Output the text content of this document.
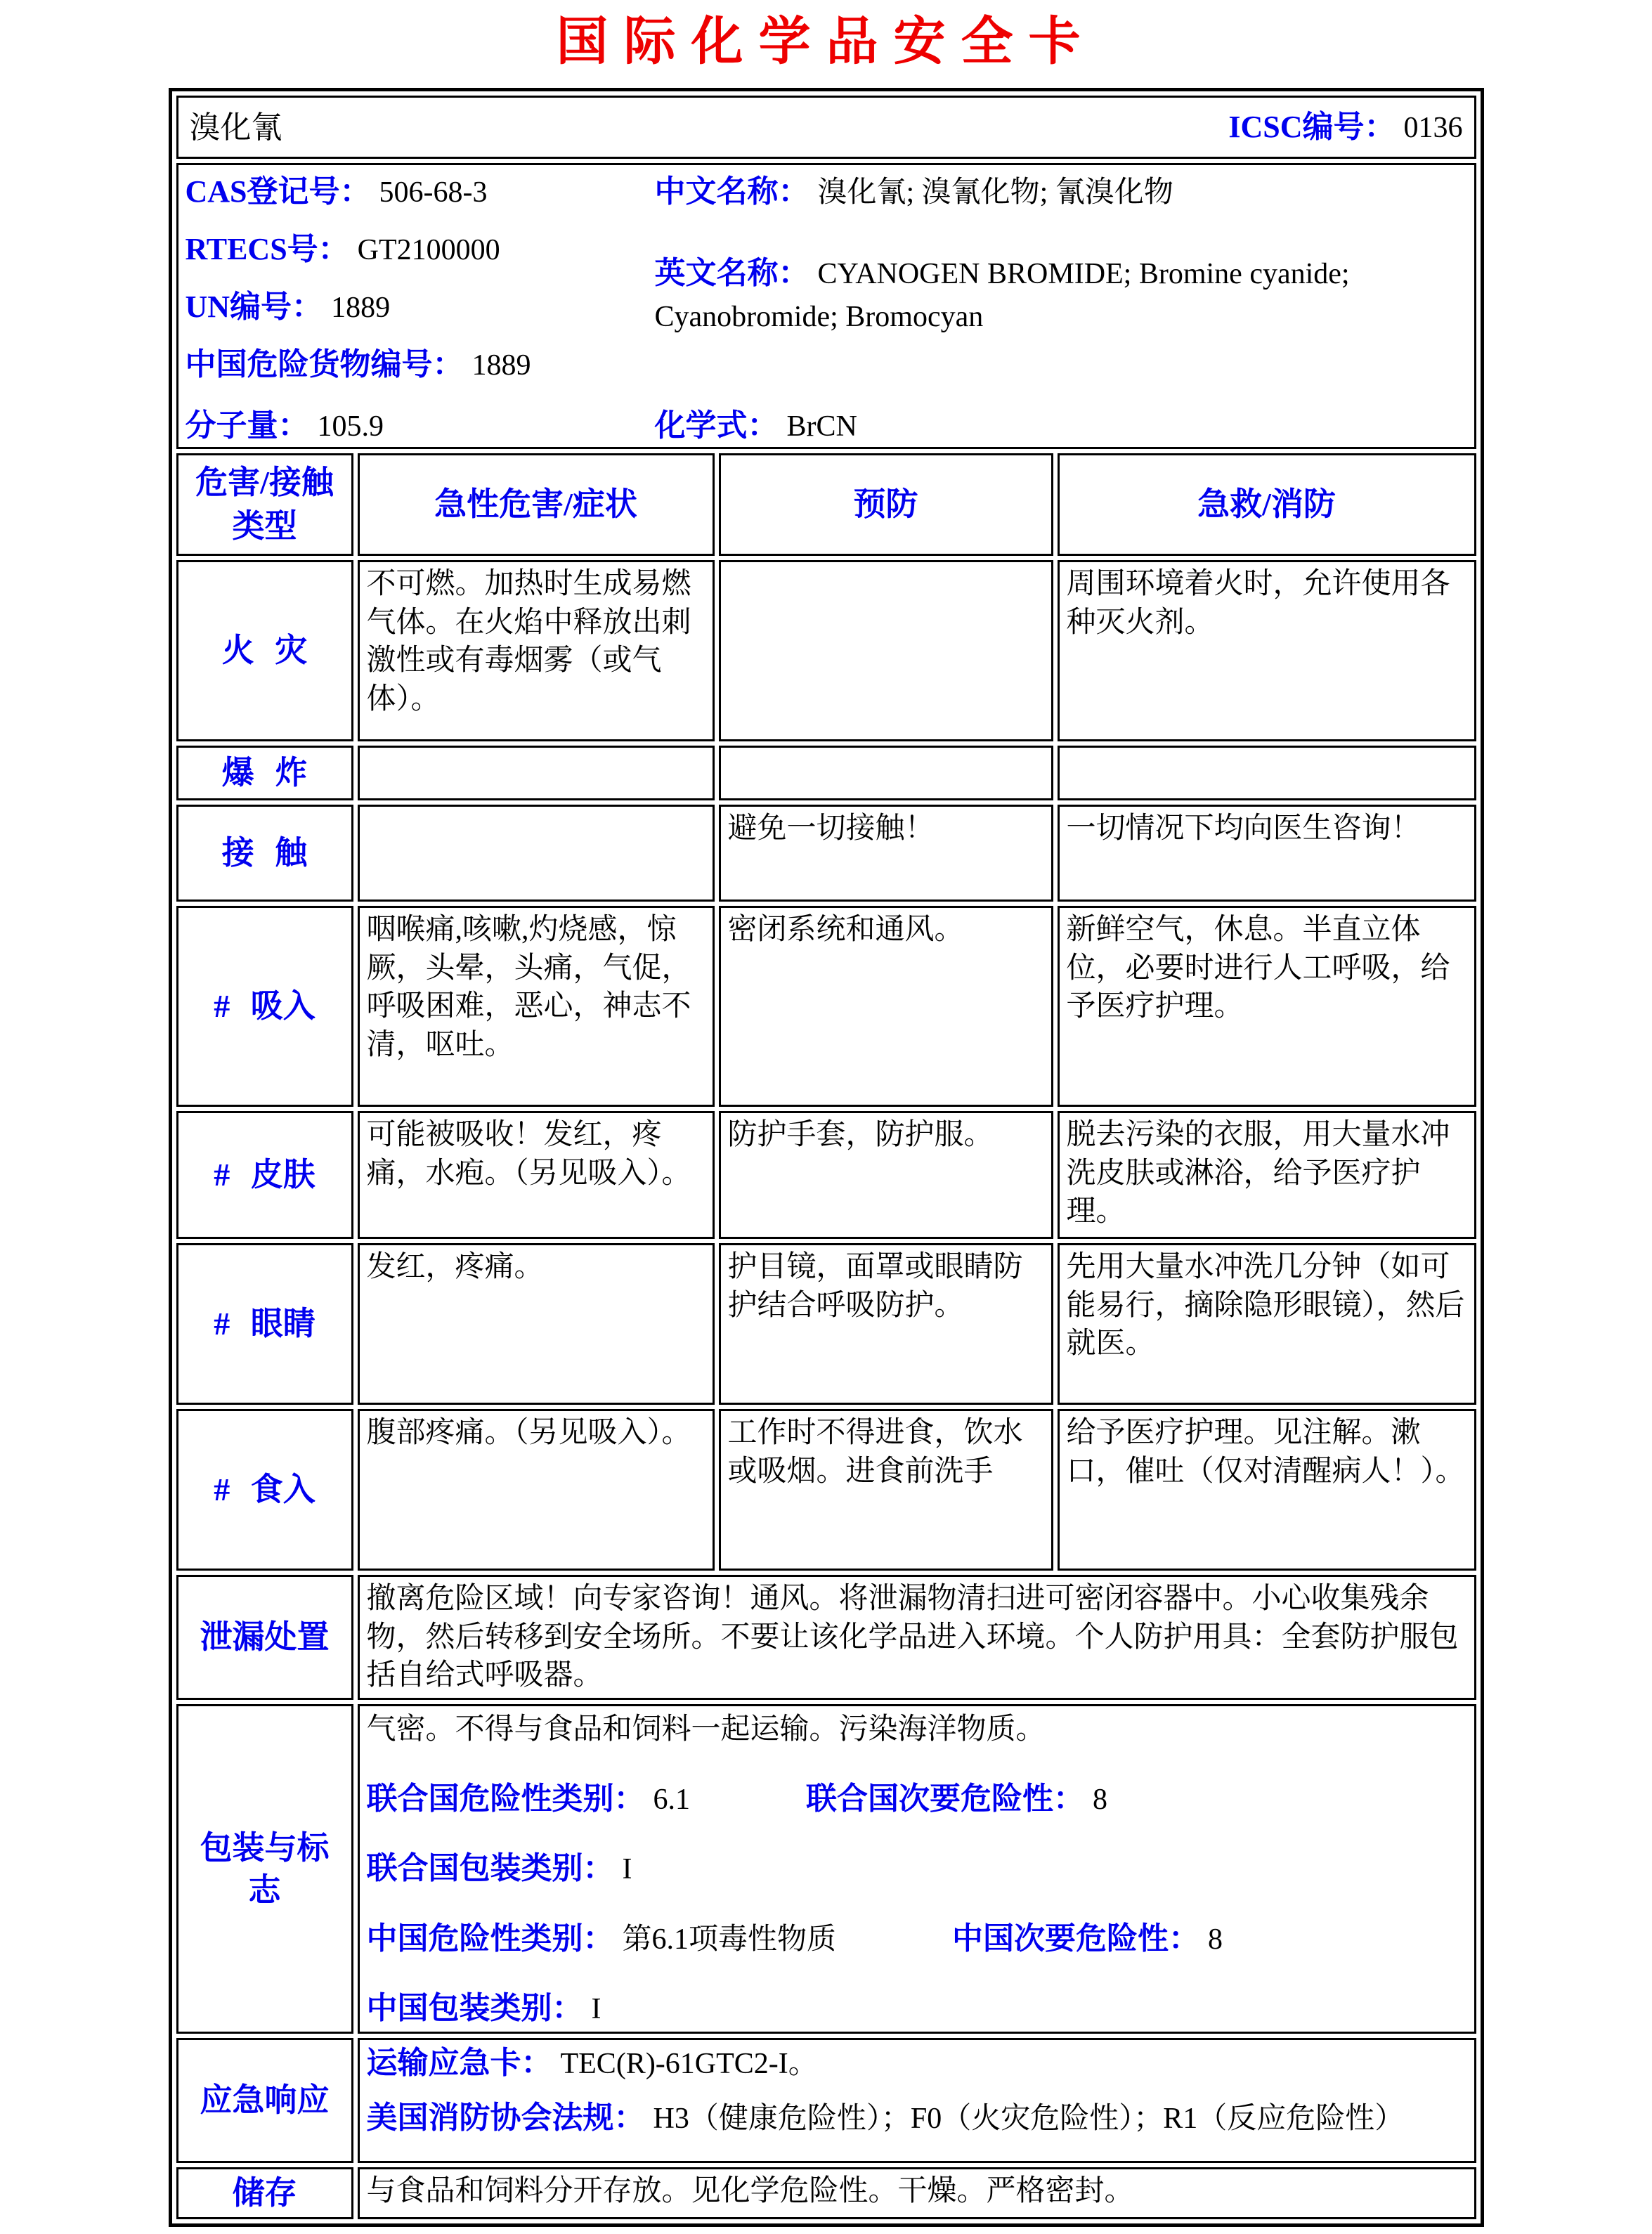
国际化学品安全卡
溴化氰 ICSC编号： 0136			

CAS登记号： 506-68-3
RTECS号： GT2100000
UN编号： 1889
中国危险货物编号： 1889
中文名称： 溴化氰; 溴氰化物; 氰溴化物
英文名称： CYANOGEN BROMIDE; Bromine cyanide; Cyanobromide; Bromocyan
分子量： 105.9	化学式： BrCN

危害/接触
类型	急性危害/症状	预防	急救/消防
火 灾	不可燃。加热时生成易燃气体。在火焰中释放出刺激性或有毒烟雾（或气体）。		周围环境着火时，允许使用各种灭火剂。
爆 炸			
接 触		避免一切接触！	一切情况下均向医生咨询！
# 吸入	咽喉痛,咳嗽,灼烧感，惊厥，头晕，头痛，气促，呼吸困难，恶心，神志不清，呕吐。	密闭系统和通风。	新鲜空气，休息。半直立体位，必要时进行人工呼吸，给予医疗护理。
# 皮肤	可能被吸收！发红，疼痛，水疱。（另见吸入）。	防护手套，防护服。	脱去污染的衣服，用大量水冲洗皮肤或淋浴，给予医疗护理。
# 眼睛	发红，疼痛。	护目镜，面罩或眼睛防护结合呼吸防护。	先用大量水冲洗几分钟（如可能易行，摘除隐形眼镜），然后就医。
# 食入	腹部疼痛。（另见吸入）。	工作时不得进食，饮水或吸烟。进食前洗手	给予医疗护理。见注解。漱口，催吐（仅对清醒病人！）。
泄漏处置	撤离危险区域！向专家咨询！通风。将泄漏物清扫进可密闭容器中。小心收集残余物，然后转移到安全场所。不要让该化学品进入环境。个人防护用具：全套防护服包括自给式呼吸器。		
包装与标志	气密。不得与食品和饲料一起运输。污染海洋物质。
联合国危险性类别： 6.1 联合国次要危险性： 8
联合国包装类别： I
中国危险性类别： 第6.1项毒性物质 中国次要危险性： 8
中国包装类别： I		

应急响应	运输应急卡： TEC(R)-61GTC2-I。
美国消防协会法规： H3（健康危险性）；F0（火灾危险性）；R1（反应危险性）		

储存	与食品和饲料分开存放。见化学危险性。干燥。严格密封。		
